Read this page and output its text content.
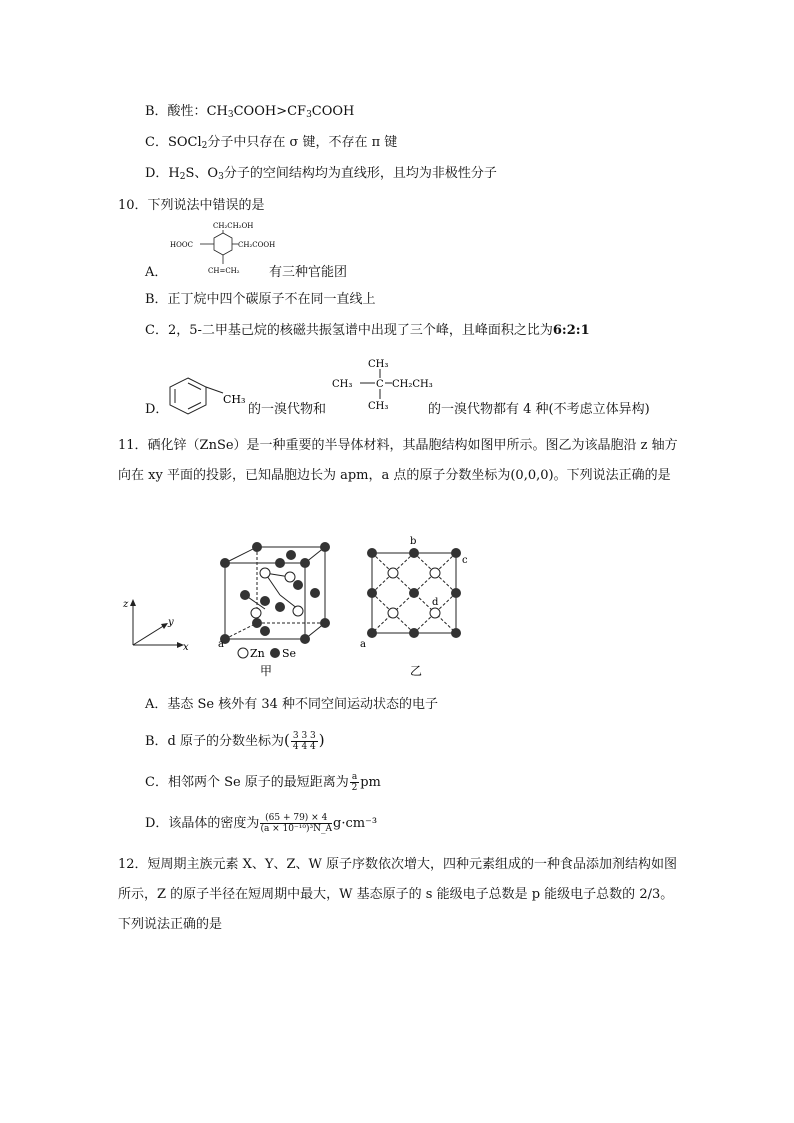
B．酸性：$CH_3COOH>CF_3COOH$
C．SOCl$_2$分子中只存在 σ 键，不存在 π 键
D．$H_2S$、$O_3$分子的空间结构均为直线形，且均为非极性分子
10．下列说法中错误的是
CH₂CH₂OH
HOOC	CH₂COOH
CH=CH₂
A．	有三种官能团
B．正丁烷中四个碳原子不在同一直线上
C．2，5-二甲基己烷的核磁共振氢谱中出现了三个峰，且峰面积之比为6:2:1
D．
CH₃
的一溴代物和
CH₃
CH₃ C CH₂CH₃
CH₃	的一溴代物都有 4 种(不考虑立体异构)
11．硒化锌（ZnSe）是一种重要的半导体材料，其晶胞结构如图甲所示。图乙为该晶胞沿 z 轴方向在 xy 平面的投影，已知晶胞边长为 apm，a 点的原子分数坐标为(0,0,0)。下列说法正确的是
z
y
x	Zn Se
a
甲
b
c
d
a
乙
A．基态 Se 核外有 34 种不同空间运动状态的电子
B．d 原子的分数坐标为( $\frac{3 3 3}{4 4 4}$ )
C．相邻两个 Se 原子的最短距离为 $\frac{a}{2}$ pm
D．该晶体的密度为 $\frac{(65 + 79) \times 4}{\text{(a × 10⁻¹⁰)³N\_A}} g\cdot cm^{-3}$
12．短周期主族元素 X、Y、Z、W 原子序数依次增大，四种元素组成的一种食品添加剂结构如图所示，Z 的原子半径在短周期中最大，W 基态原子的 s 能级电子总数是 p 能级电子总数的 2/3。下列说法正确的是
